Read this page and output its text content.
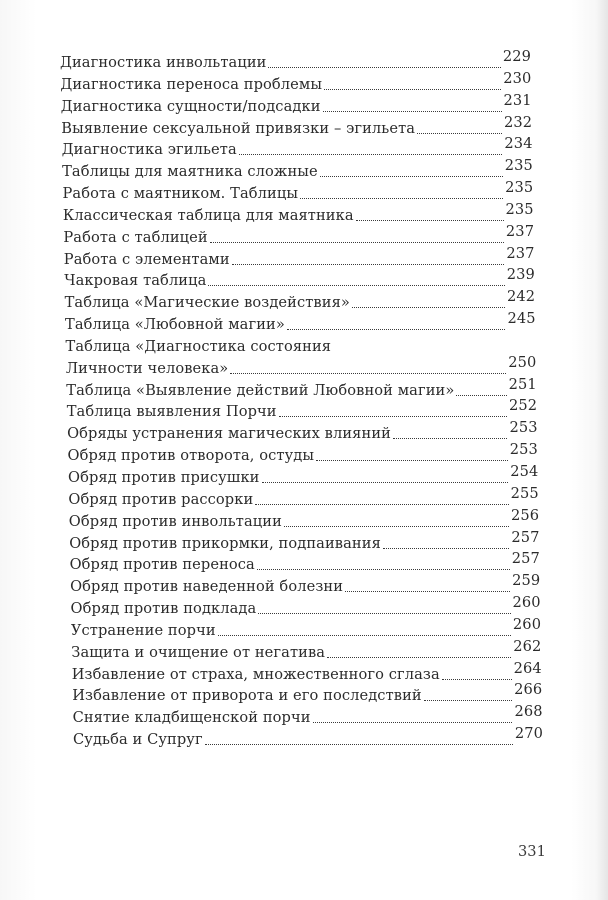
Диагностика инвольтации	229
Диагностика переноса проблемы	230
Диагностика сущности/подсадки	231
Выявление сексуальной привязки – эгильета	232
Диагностика эгильета	234
Таблицы для маятника сложные	235
Работа с маятником. Таблицы	235
Классическая таблица для маятника	235
Работа с таблицей	237
Работа с элементами	237
Чакровая таблица	239
Таблица «Магические воздействия»	242
Таблица «Любовной магии»	245
Таблица «Диагностика состояния
Личности человека»	250
Таблица «Выявление действий Любовной магии»	251
Таблица выявления Порчи	252
Обряды устранения магических влияний	253
Обряд против отворота, остуды	253
Обряд против присушки	254
Обряд против рассорки	255
Обряд против инвольтации	256
Обряд против прикормки, подпаивания	257
Обряд против переноса	257
Обряд против наведенной болезни	259
Обряд против подклада	260
Устранение порчи	260
Защита и очищение от негатива	262
Избавление от страха, множественного сглаза	264
Избавление от приворота и его последствий	266
Снятие кладбищенской порчи	268
Судьба и Супруг	270
331
